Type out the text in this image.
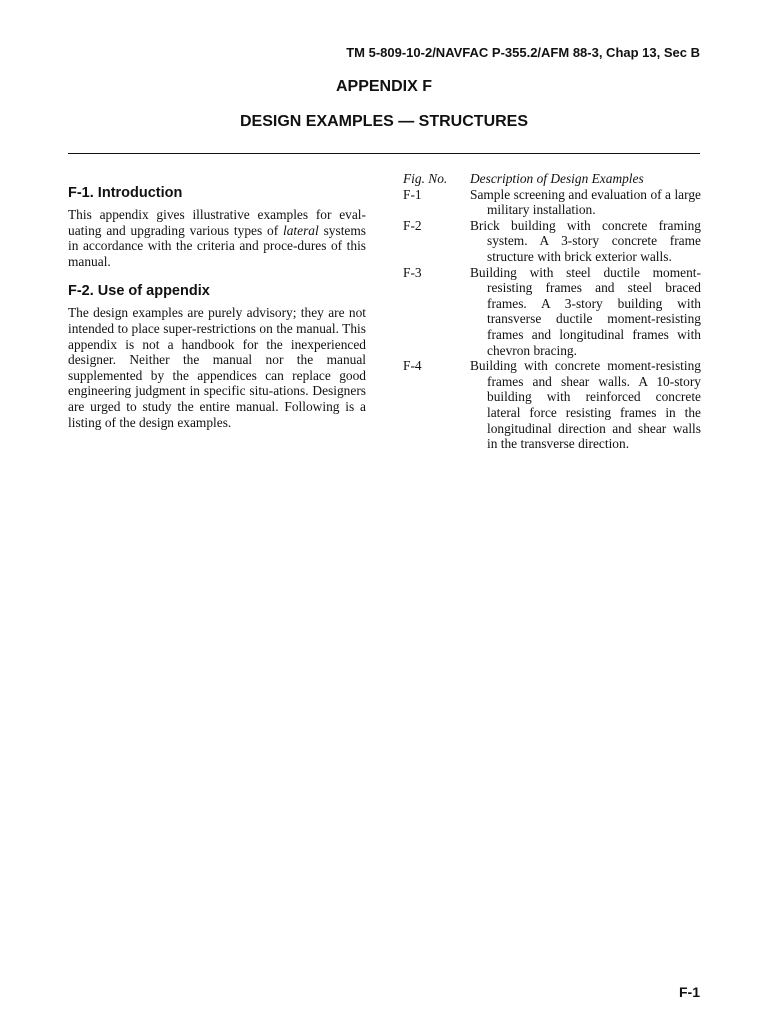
TM 5-809-10-2/NAVFAC P-355.2/AFM 88-3, Chap 13, Sec B
APPENDIX F
DESIGN EXAMPLES — STRUCTURES
F-1. Introduction

This appendix gives illustrative examples for eval-uating and upgrading various types of lateral systems in accordance with the criteria and proce-dures of this manual.

F-2. Use of appendix

The design examples are purely advisory; they are not intended to place super-restrictions on the manual. This appendix is not a handbook for the inexperienced designer. Neither the manual nor the manual supplemented by the appendices can replace good engineering judgment in specific situ-ations. Designers are urged to study the entire manual. Following is a listing of the design examples.

Fig. No.	Description of Design Examples
F-1	Sample screening and evaluation of a large military installation.
F-2	Brick building with concrete framing system. A 3-story concrete frame structure with brick exterior walls.
F-3	Building with steel ductile moment-resisting frames and steel braced frames. A 3-story building with transverse ductile moment-resisting frames and longitudinal frames with chevron bracing.
F-4	Building with concrete moment-resisting frames and shear walls. A 10-story building with reinforced concrete lateral force resisting frames in the longitudinal direction and shear walls in the transverse direction.
F-1
